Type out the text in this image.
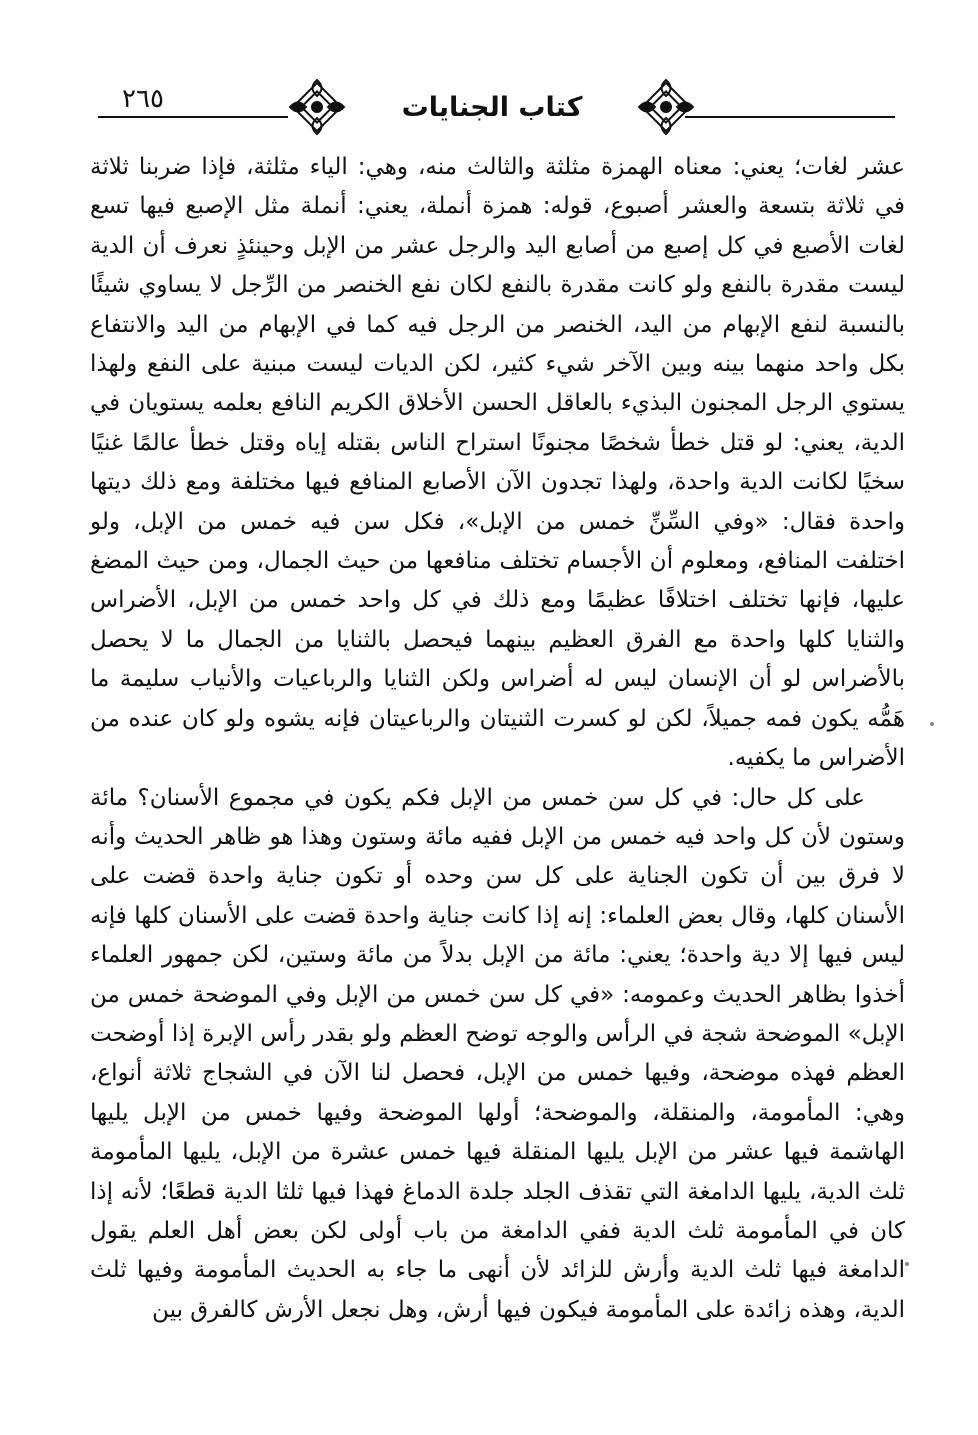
٢٦٥	كتاب الجنايات

عشر لغات؛ يعني: معناه الهمزة مثلثة والثالث منه، وهي: الياء مثلثة، فإذا ضربنا ثلاثة في ثلاثة بتسعة والعشر أصبوع، قوله: همزة أنملة، يعني: أنملة مثل الإصبع فيها تسع لغات الأصبع في كل إصبع من أصابع اليد والرجل عشر من الإبل وحينئذٍ نعرف أن الدية ليست مقدرة بالنفع ولو كانت مقدرة بالنفع لكان نفع الخنصر من الرِّجل لا يساوي شيئًا بالنسبة لنفع الإبهام من اليد، الخنصر من الرجل فيه كما في الإبهام من اليد والانتفاع بكل واحد منهما بينه وبين الآخر شيء كثير، لكن الديات ليست مبنية على النفع ولهذا يستوي الرجل المجنون البذيء بالعاقل الحسن الأخلاق الكريم النافع بعلمه يستويان في الدية، يعني: لو قتل خطأ شخصًا مجنونًا استراح الناس بقتله إياه وقتل خطأ عالمًا غنيًا سخيًا لكانت الدية واحدة، ولهذا تجدون الآن الأصابع المنافع فيها مختلفة ومع ذلك ديتها واحدة فقال: «وفي السِّنِّ خمس من الإبل»، فكل سن فيه خمس من الإبل، ولو اختلفت المنافع، ومعلوم أن الأجسام تختلف منافعها من حيث الجمال، ومن حيث المضغ عليها، فإنها تختلف اختلافًا عظيمًا ومع ذلك في كل واحد خمس من الإبل، الأضراس والثنايا كلها واحدة مع الفرق العظيم بينهما فيحصل بالثنايا من الجمال ما لا يحصل بالأضراس لو أن الإنسان ليس له أضراس ولكن الثنايا والرباعيات والأنياب سليمة ما هَمُّه يكون فمه جميلاً، لكن لو كسرت الثنيتان والرباعيتان فإنه يشوه ولو كان عنده من الأضراس ما يكفيه.

على كل حال: في كل سن خمس من الإبل فكم يكون في مجموع الأسنان؟ مائة وستون لأن كل واحد فيه خمس من الإبل ففيه مائة وستون وهذا هو ظاهر الحديث وأنه لا فرق بين أن تكون الجناية على كل سن وحده أو تكون جناية واحدة قضت على الأسنان كلها، وقال بعض العلماء: إنه إذا كانت جناية واحدة قضت على الأسنان كلها فإنه ليس فيها إلا دية واحدة؛ يعني: مائة من الإبل بدلاً من مائة وستين، لكن جمهور العلماء أخذوا بظاهر الحديث وعمومه: «في كل سن خمس من الإبل وفي الموضحة خمس من الإبل» الموضحة شجة في الرأس والوجه توضح العظم ولو بقدر رأس الإبرة إذا أوضحت العظم فهذه موضحة، وفيها خمس من الإبل، فحصل لنا الآن في الشجاج ثلاثة أنواع، وهي: المأمومة، والمنقلة، والموضحة؛ أولها الموضحة وفيها خمس من الإبل يليها الهاشمة فيها عشر من الإبل يليها المنقلة فيها خمس عشرة من الإبل، يليها المأمومة ثلث الدية، يليها الدامغة التي تقذف الجلد جلدة الدماغ فهذا فيها ثلثا الدية قطعًا؛ لأنه إذا كان في المأمومة ثلث الدية ففي الدامغة من باب أولى لكن بعض أهل العلم يقول الدامغة فيها ثلث الدية وأرش للزائد لأن أنهى ما جاء به الحديث المأمومة وفيها ثلث الدية، وهذه زائدة على المأمومة فيكون فيها أرش، وهل نجعل الأرش كالفرق بين
